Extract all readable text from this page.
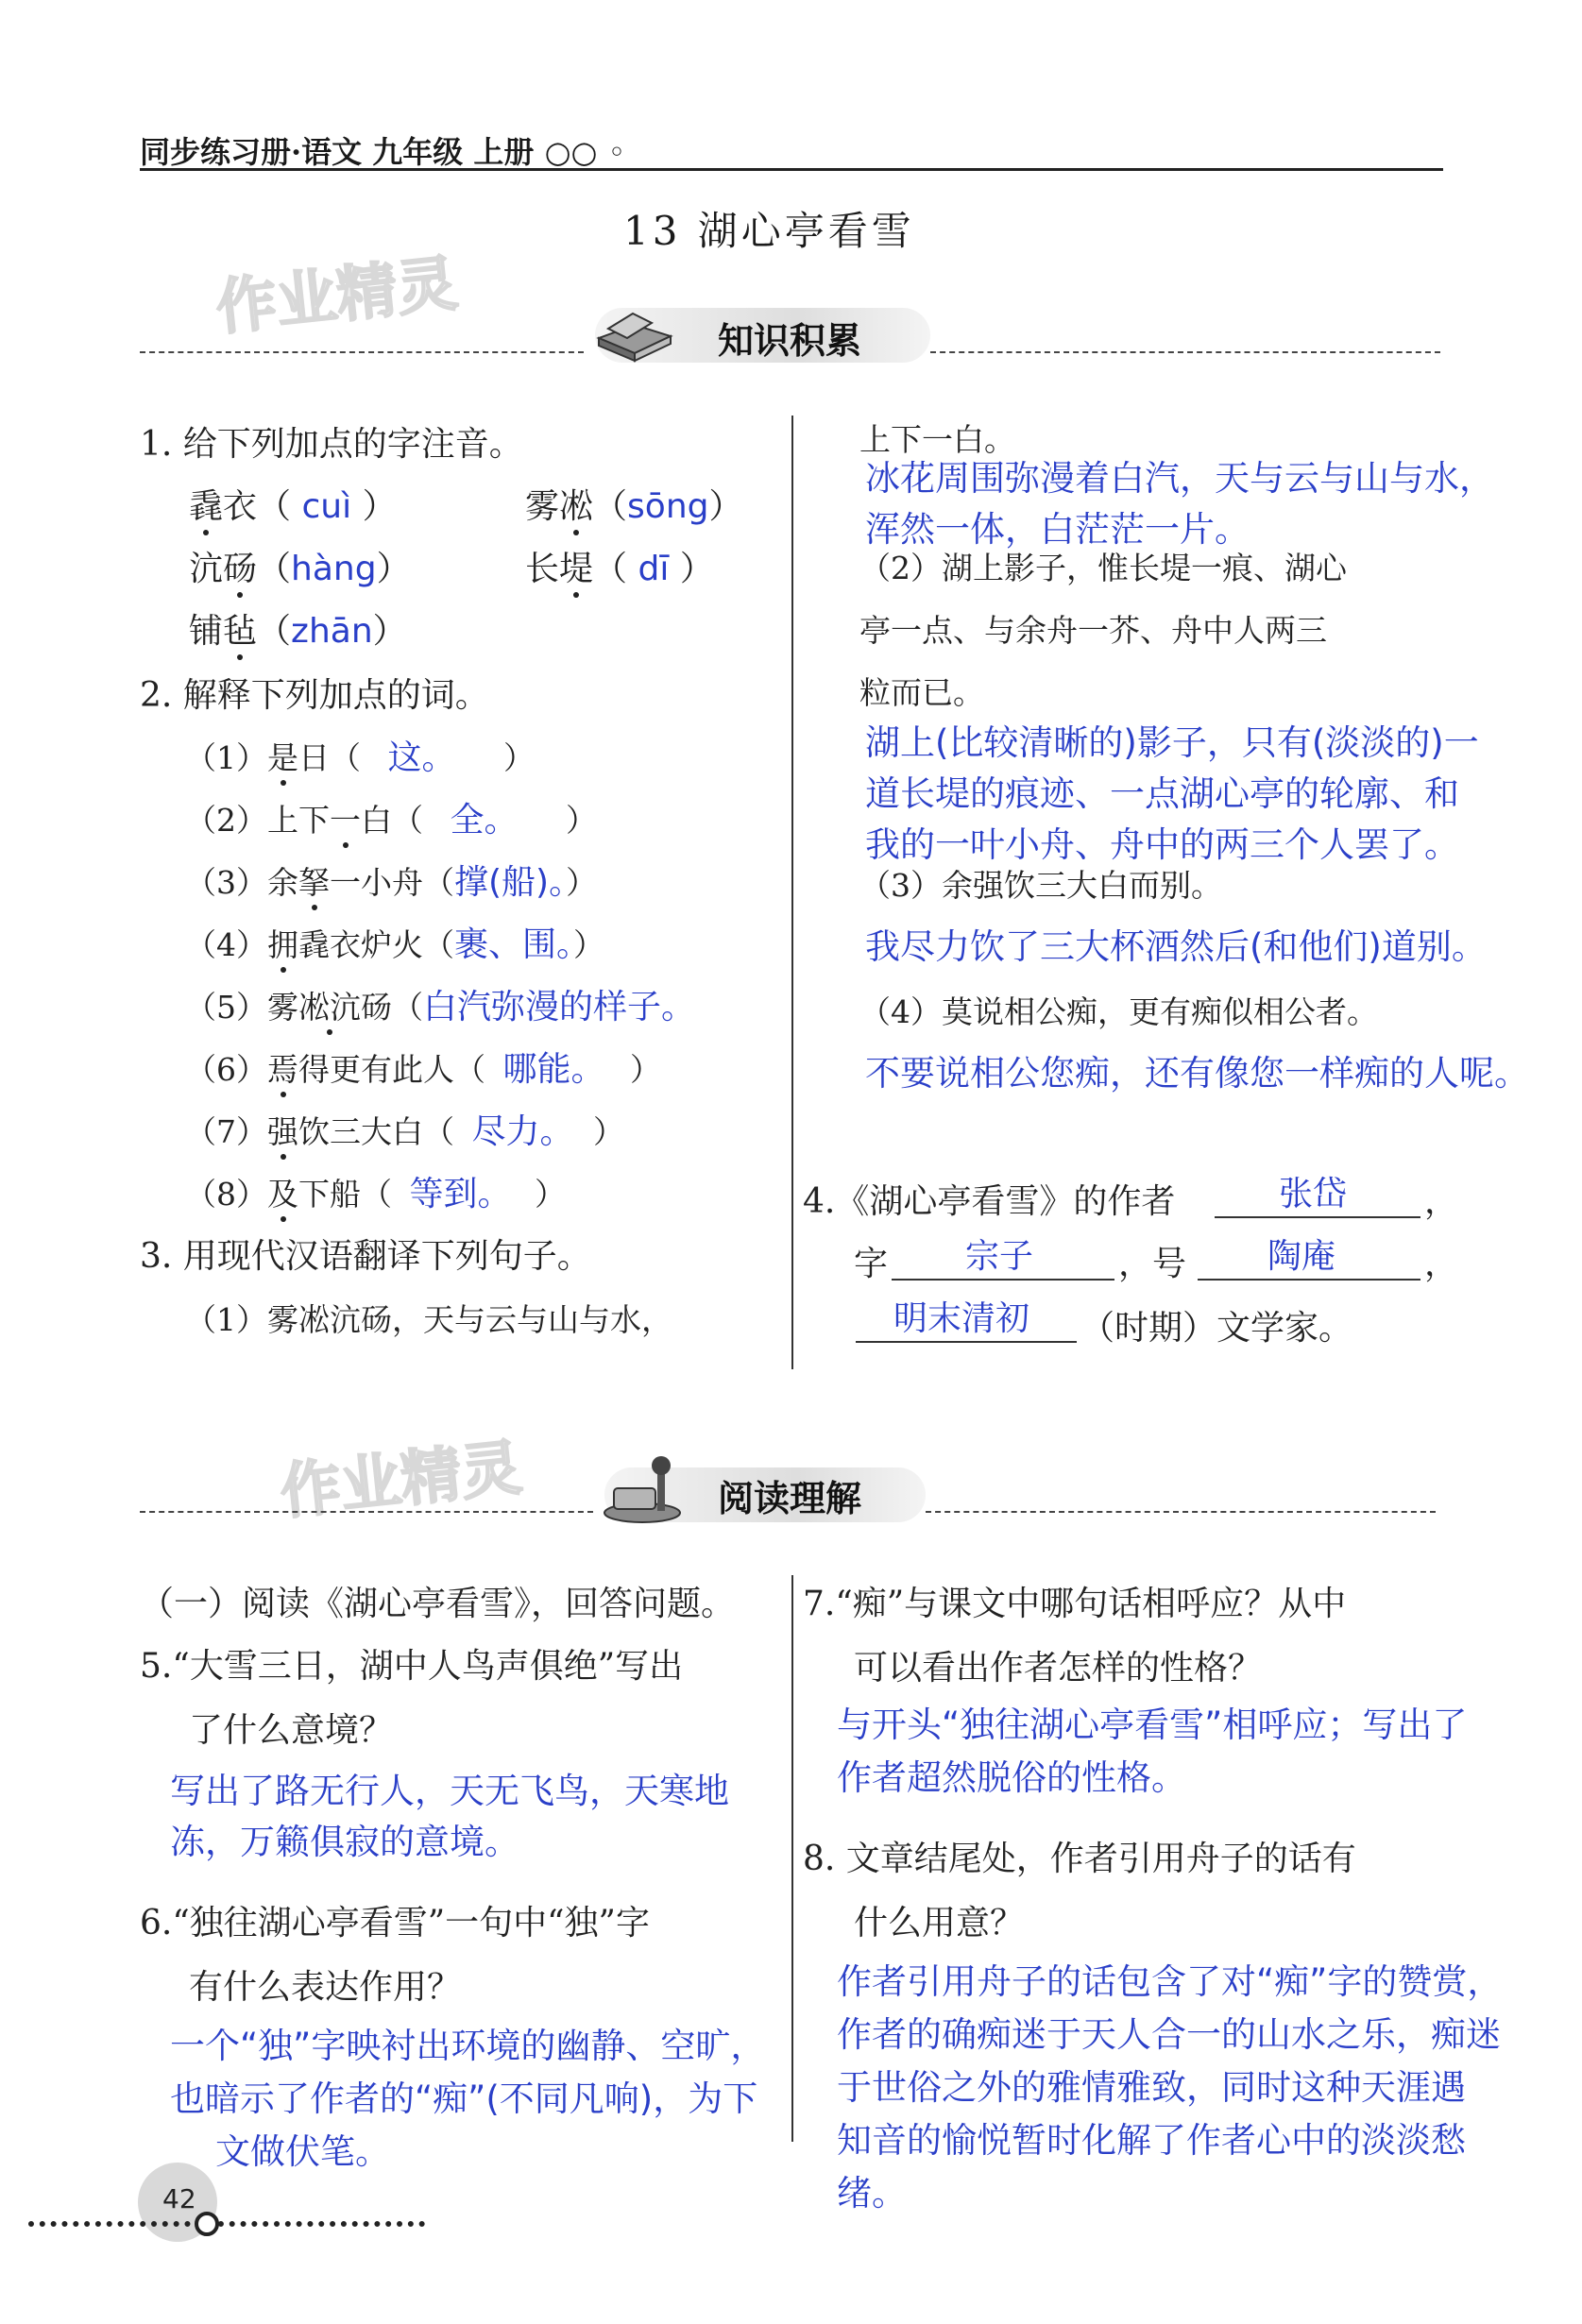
同步练习册·语文 九年级 上册 ○○ ◦
13 湖心亭看雪
作业精灵	知识积累
1. 给下列加点的字注音。
毳衣（ cuì ）	雾凇（sōng）
沆砀（hàng）	长堤（ dī ）
铺毡（zhān）
2. 解释下列加点的词。
（1）是日（ 这。 ）
（2）上下一白（ 全。 ）
（3）余拏一小舟（撑(船)。）
（4）拥毳衣炉火（裹、围。）
（5）雾凇沆砀（白汽弥漫的样子。
（6）焉得更有此人（ 哪能。 ）
（7）强饮三大白（ 尽力。 ）
（8）及下船（ 等到。 ）
3. 用现代汉语翻译下列句子。
（1）雾凇沆砀，天与云与山与水，
上下一白。
冰花周围弥漫着白汽，天与云与山与水，
浑然一体，白茫茫一片。
（2）湖上影子，惟长堤一痕、湖心
亭一点、与余舟一芥、舟中人两三
粒而已。
湖上(比较清晰的)影子，只有(淡淡的)一
道长堤的痕迹、一点湖心亭的轮廓、和
我的一叶小舟、舟中的两三个人罢了。
（3）余强饮三大白而别。
我尽力饮了三大杯酒然后(和他们)道别。
（4）莫说相公痴，更有痴似相公者。
不要说相公您痴，还有像您一样痴的人呢。
4.《湖心亭看雪》的作者	张岱 ，
字 宗子 ，号 陶庵	，
明末清初 （时期）文学家。
作业精灵	阅读理解
（一）阅读《湖心亭看雪》，回答问题。
5.“大雪三日，湖中人鸟声俱绝”写出
了什么意境？
写出了路无行人，天无飞鸟，天寒地
冻，万籁俱寂的意境。
6.“独往湖心亭看雪”一句中“独”字
有什么表达作用？
一个“独”字映衬出环境的幽静、空旷，
也暗示了作者的“痴”(不同凡响)，为下
文做伏笔。
7.“痴”与课文中哪句话相呼应？从中
可以看出作者怎样的性格？
与开头“独往湖心亭看雪”相呼应；写出了
作者超然脱俗的性格。
8. 文章结尾处，作者引用舟子的话有
什么用意？
作者引用舟子的话包含了对“痴”字的赞赏，
作者的确痴迷于天人合一的山水之乐，痴迷
于世俗之外的雅情雅致，同时这种天涯遇
知音的愉悦暂时化解了作者心中的淡淡愁
绪。
42
